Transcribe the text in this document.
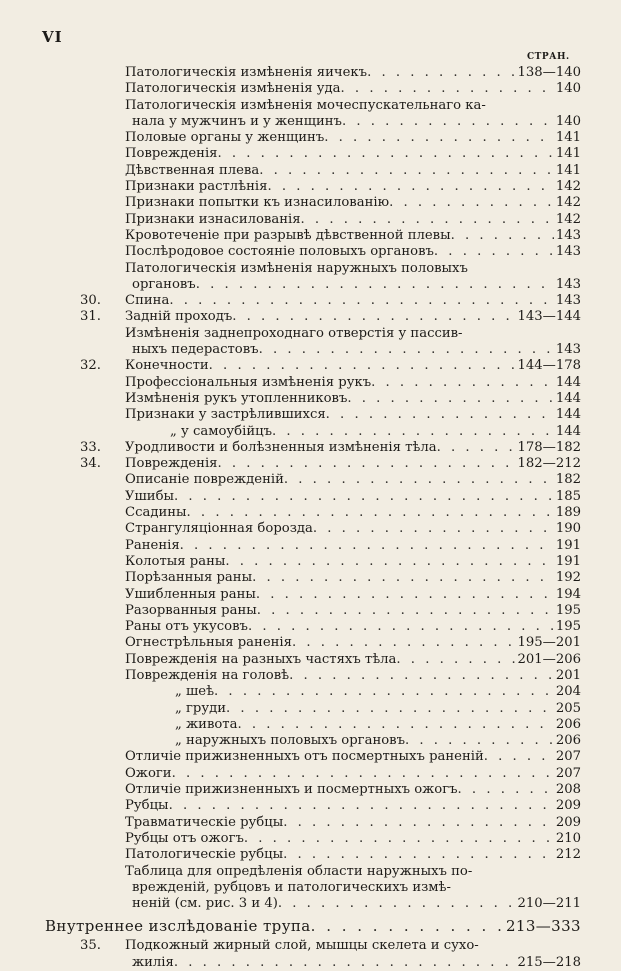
VI
СТРАН.
Патологическія измѣненія яичекъ . . .	138—140
Патологическія измѣненія уда . . .	140
Патологическія измѣненія мочеспускательнаго ка-
нала у мужчинъ и у женщинъ . . .	140
Половые органы у женщинъ . . .	141
Поврежденія . . .	141
Дѣвственная плева . . .	141
Признаки растлѣнія . . .	142
Признаки попытки къ изнасилованію . . .	142
Признаки изнасилованія . . .	142
Кровотеченіе при разрывѣ дѣвственной плевы . . .	143
Послѣродовое состояніе половыхъ органовъ . . .	143
Патологическія измѣненія наружныхъ половыхъ
органовъ . . .	143
30.	Спина . . .	143
31.	Задній проходъ . . .	143—144
Измѣненія заднепроходнаго отверстія у пассив-
ныхъ педерастовъ . . .	143
32.	Конечности . . .	144—178
Профессіональныя измѣненія рукъ . . .	144
Измѣненія рукъ утопленниковъ . . .	144
Признаки у застрѣлившихся . . .	144
„ у самоубійцъ . . .	144
33.	Уродливости и болѣзненныя измѣненія тѣла . . .	178—182
34.	Поврежденія . . .	182—212
Описаніе поврежденій . . .	182
Ушибы . . .	185
Ссадины . . .	189
Странгуляціонная борозда . . .	190
Раненія . . .	191
Колотыя раны . . .	191
Порѣзанныя раны . . .	192
Ушибленныя раны . . .	194
Разорванныя раны . . .	195
Раны отъ укусовъ . . .	195
Огнестрѣльныя раненія . . .	195—201
Поврежденія на разныхъ частяхъ тѣла . . .	201—206
Поврежденія на головѣ . . .	201
„ шеѣ . . .	204
„ груди . . .	205
„ живота . . .	206
„ наружныхъ половыхъ органовъ . . .	206
Отличіе прижизненныхъ отъ посмертныхъ раненій . . .	207
Ожоги . . .	207
Отличіе прижизненныхъ и посмертныхъ ожогъ . . .	208
Рубцы . . .	209
Травматическіе рубцы . . .	209
Рубцы отъ ожогъ . . .	210
Патологическіе рубцы . . .	212
Таблица для опредѣленія области наружныхъ по-
врежденій, рубцовъ и патологическихъ измѣ-
неній (см. рис. 3 и 4) . . .	210—211
Внутреннее изслѣдованіе трупа . . .	213—333
35.	Подкожный жирный слой, мышцы скелета и сухо-
жилія . . .	215—218
